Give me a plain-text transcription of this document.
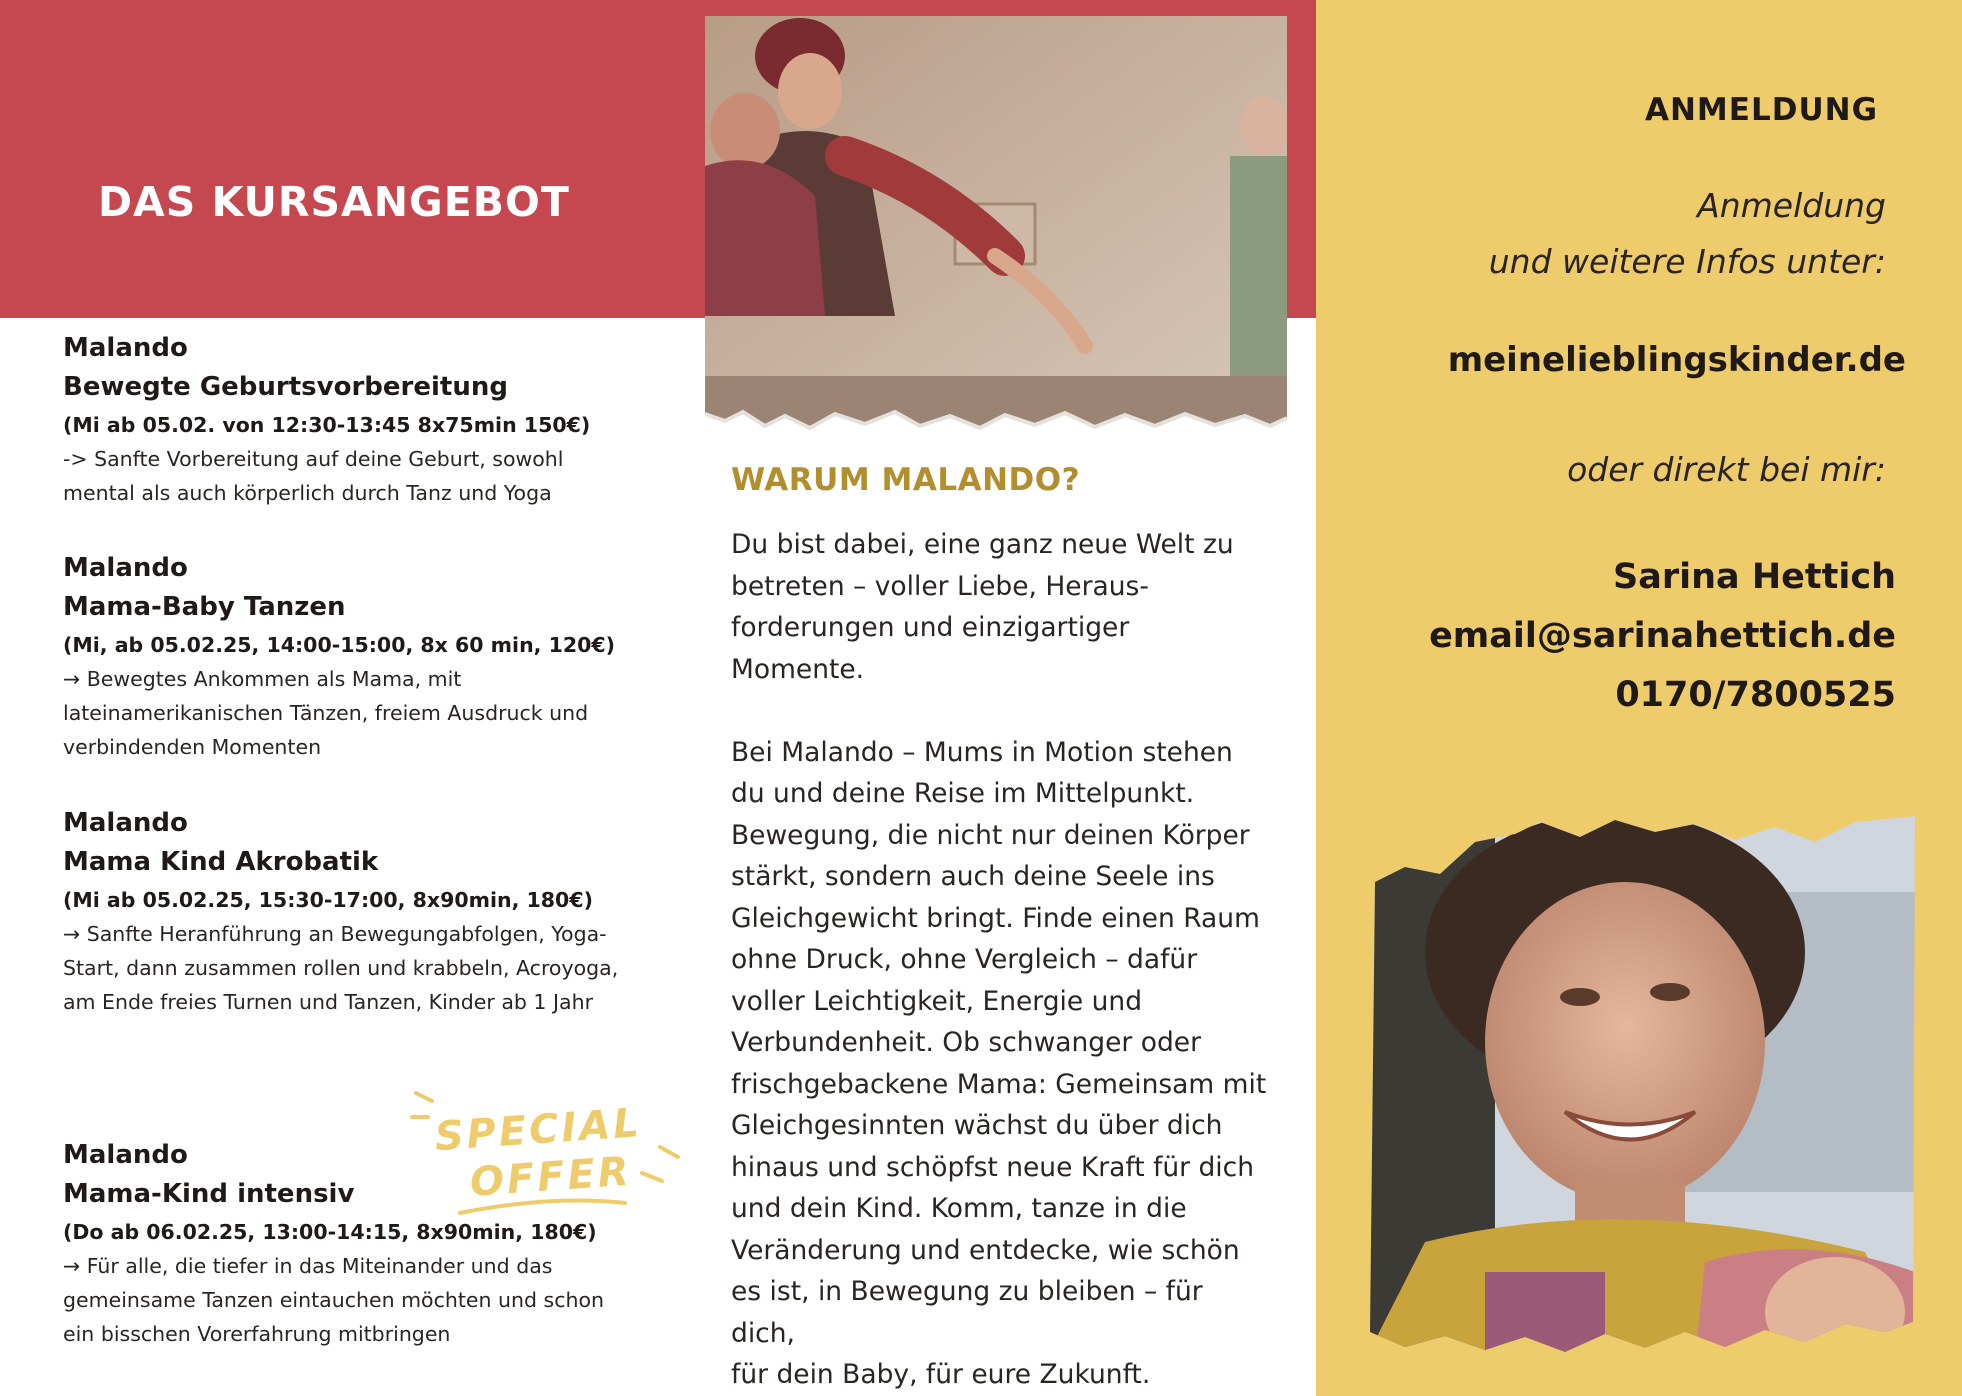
DAS KURSANGEBOT

Malando

Bewegte Geburtsvorbereitung

(Mi ab 05.02. von 12:30-13:45 8x75min 150€)

-> Sanfte Vorbereitung auf deine Geburt, sowohl

mental als auch körperlich durch Tanz und Yoga

Malando

Mama-Baby Tanzen

(Mi, ab 05.02.25, 14:00-15:00, 8x 60 min, 120€)

→ Bewegtes Ankommen als Mama, mit

lateinamerikanischen Tänzen, freiem Ausdruck und

verbindenden Momenten

Malando

Mama Kind Akrobatik

(Mi ab 05.02.25, 15:30-17:00, 8x90min, 180€)

→ Sanfte Heranführung an Bewegungabfolgen, Yoga-

Start, dann zusammen rollen und krabbeln, Acroyoga,

am Ende freies Turnen und Tanzen, Kinder ab 1 Jahr

Malando

Mama-Kind intensiv

(Do ab 06.02.25, 13:00-14:15, 8x90min, 180€)

→ Für alle, die tiefer in das Miteinander und das

gemeinsame Tanzen eintauchen möchten und schon

ein bisschen Vorerfahrung mitbringen

SPECIAL
OFFER
WARUM MALANDO?

Du bist dabei, eine ganz neue Welt zu
betreten – voller Liebe, Heraus-
forderungen und einzigartiger
Momente.

Bei Malando – Mums in Motion stehen
du und deine Reise im Mittelpunkt.
Bewegung, die nicht nur deinen Körper
stärkt, sondern auch deine Seele ins
Gleichgewicht bringt. Finde einen Raum
ohne Druck, ohne Vergleich – dafür
voller Leichtigkeit, Energie und
Verbundenheit. Ob schwanger oder
frischgebackene Mama: Gemeinsam mit
Gleichgesinnten wächst du über dich
hinaus und schöpfst neue Kraft für dich
und dein Kind. Komm, tanze in die
Veränderung und entdecke, wie schön
es ist, in Bewegung zu bleiben – für dich,
für dein Baby, für eure Zukunft.

ANMELDUNG

Anmeldung

und weitere Infos unter:

meinelieblingskinder.de
oder direkt bei mir:

Sarina Hettich

email@sarinahettich.de

0170/7800525
